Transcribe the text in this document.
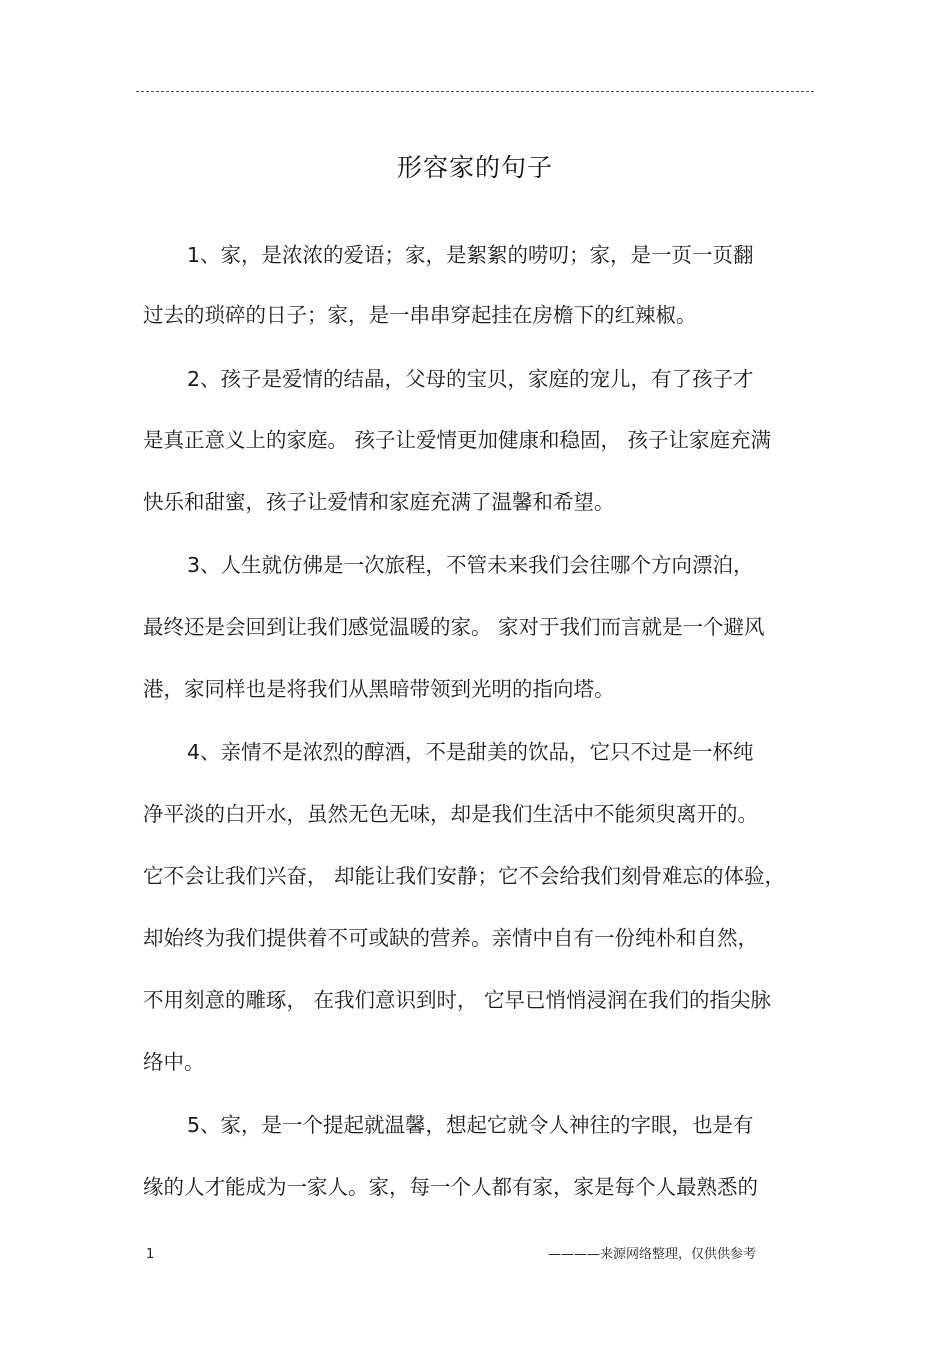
形容家的句子
1、家，是浓浓的爱语；家，是絮絮的唠叨；家，是一页一页翻
过去的琐碎的日子；家，是一串串穿起挂在房檐下的红辣椒。
2、孩子是爱情的结晶，父母的宝贝，家庭的宠儿，有了孩子才
是真正意义上的家庭。 孩子让爱情更加健康和稳固， 孩子让家庭充满
快乐和甜蜜，孩子让爱情和家庭充满了温馨和希望。
3、人生就仿佛是一次旅程，不管未来我们会往哪个方向漂泊，
最终还是会回到让我们感觉温暖的家。 家对于我们而言就是一个避风
港，家同样也是将我们从黑暗带领到光明的指向塔。
4、亲情不是浓烈的醇酒，不是甜美的饮品，它只不过是一杯纯
净平淡的白开水，虽然无色无味，却是我们生活中不能须臾离开的。
它不会让我们兴奋， 却能让我们安静；它不会给我们刻骨难忘的体验，
却始终为我们提供着不可或缺的营养。亲情中自有一份纯朴和自然，
不用刻意的雕琢， 在我们意识到时， 它早已悄悄浸润在我们的指尖脉
络中。
5、家，是一个提起就温馨，想起它就令人神往的字眼，也是有
缘的人才能成为一家人。家，每一个人都有家，家是每个人最熟悉的
1	————来源网络整理，仅供供参考
